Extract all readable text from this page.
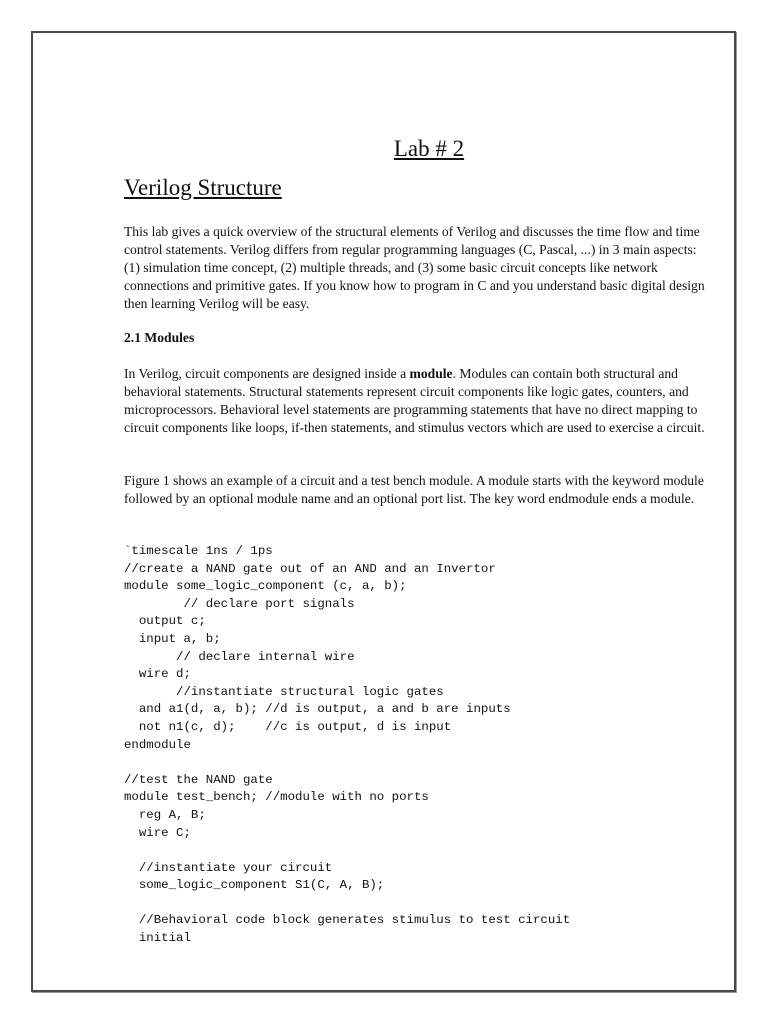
Lab # 2
Verilog Structure

This lab gives a quick overview of the structural elements of Verilog and discusses the time flow and time control statements. Verilog differs from regular programming languages (C, Pascal, ...) in 3 main aspects: (1) simulation time concept, (2) multiple threads, and (3) some basic circuit concepts like network connections and primitive gates. If you know how to program in C and you understand basic digital design then learning Verilog will be easy.

2.1 Modules

In Verilog, circuit components are designed inside a module. Modules can contain both structural and behavioral statements. Structural statements represent circuit components like logic gates, counters, and microprocessors. Behavioral level statements are programming statements that have no direct mapping to circuit components like loops, if-then statements, and stimulus vectors which are used to exercise a circuit.

Figure 1 shows an example of a circuit and a test bench module. A module starts with the keyword module followed by an optional module name and an optional port list. The key word endmodule ends a module.

`timescale 1ns / 1ps
//create a NAND gate out of an AND and an Invertor
module some_logic_component (c, a, b);
// declare port signals
output c;
input a, b;
// declare internal wire
wire d;
//instantiate structural logic gates
and a1(d, a, b); //d is output, a and b are inputs
not n1(c, d);    //c is output, d is input
endmodule

//test the NAND gate
module test_bench; //module with no ports
reg A, B;
wire C;

//instantiate your circuit
some_logic_component S1(C, A, B);

//Behavioral code block generates stimulus to test circuit
initial
